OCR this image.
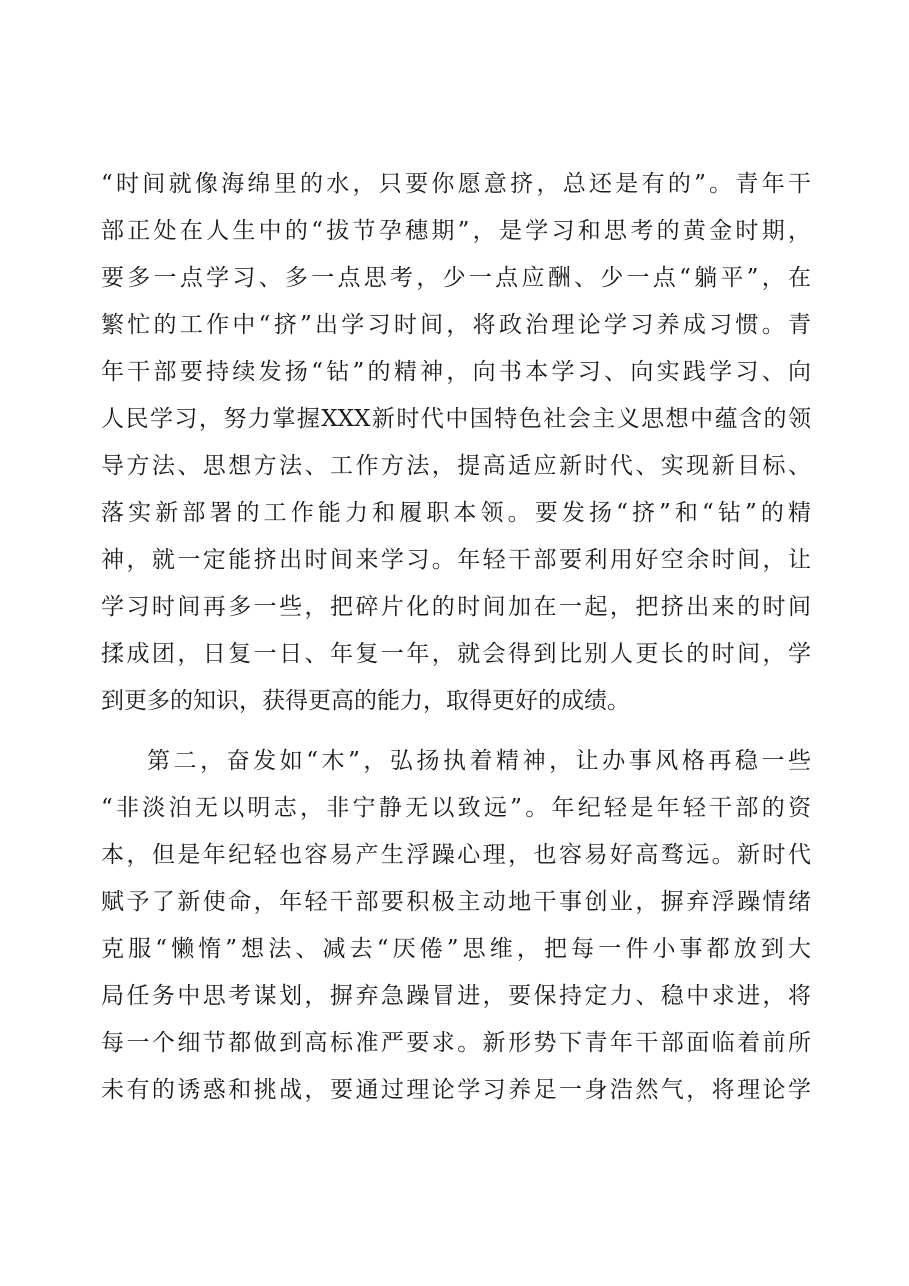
“时间就像海绵里的水，只要你愿意挤，总还是有的”。青年干
部正处在人生中的“拔节孕穗期”，是学习和思考的黄金时期，
要多一点学习、多一点思考，少一点应酬、少一点“躺平”，在
繁忙的工作中“挤”出学习时间，将政治理论学习养成习惯。青
年干部要持续发扬“钻”的精神，向书本学习、向实践学习、向
人民学习，努力掌握XXX新时代中国特色社会主义思想中蕴含的领
导方法、思想方法、工作方法，提高适应新时代、实现新目标、
落实新部署的工作能力和履职本领。要发扬“挤”和“钻”的精
神，就一定能挤出时间来学习。年轻干部要利用好空余时间，让
学习时间再多一些，把碎片化的时间加在一起，把挤出来的时间
揉成团，日复一日、年复一年，就会得到比别人更长的时间，学
到更多的知识，获得更高的能力，取得更好的成绩。
第二，奋发如“木”，弘扬执着精神，让办事风格再稳一些
“非淡泊无以明志，非宁静无以致远”。年纪轻是年轻干部的资
本，但是年纪轻也容易产生浮躁心理，也容易好高骛远。新时代
赋予了新使命，年轻干部要积极主动地干事创业，摒弃浮躁情绪
克服“懒惰”想法、减去“厌倦”思维，把每一件小事都放到大
局任务中思考谋划，摒弃急躁冒进，要保持定力、稳中求进，将
每一个细节都做到高标准严要求。新形势下青年干部面临着前所
未有的诱惑和挑战，要通过理论学习养足一身浩然气，将理论学
